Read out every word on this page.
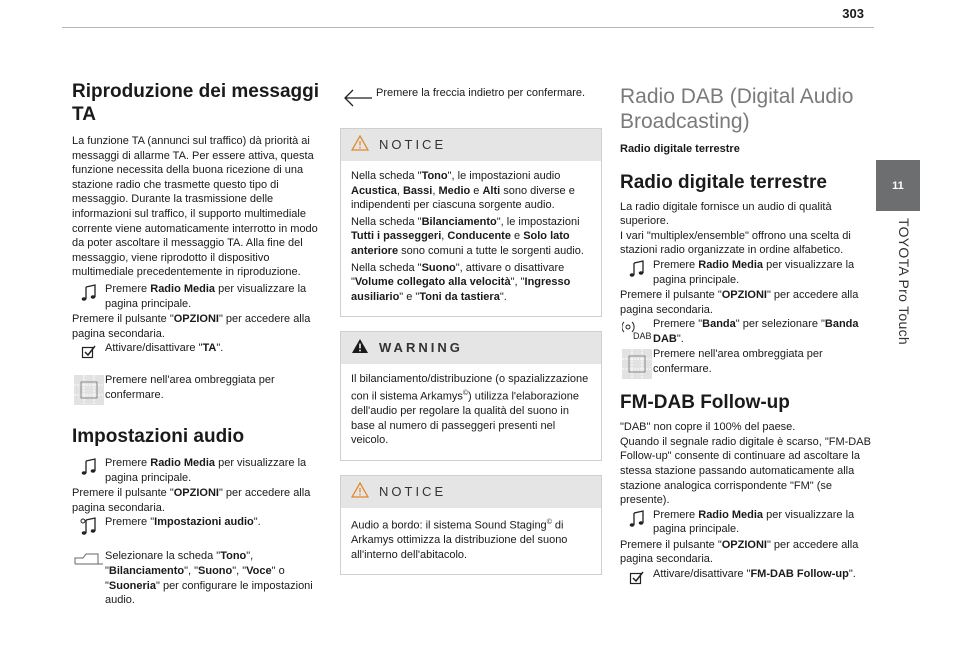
303
11
TOYOTA Pro Touch
Riproduzione dei messaggi TA

La funzione TA (annunci sul traffico) dà priorità ai messaggi di allarme TA. Per essere attiva, questa funzione necessita della buona ricezione di una stazione radio che trasmette questo tipo di messaggio. Durante la trasmissione delle informazioni sul traffico, il supporto multimediale corrente viene automaticamente interrotto in modo da poter ascoltare il messaggio TA. Alla fine del messaggio, viene riprodotto il dispositivo multimediale precedentemente in riproduzione.

Premere Radio Media per visualizzare la pagina principale.

Premere il pulsante "OPZIONI" per accedere alla pagina secondaria.

Attivare/disattivare "TA".
Premere nell'area ombreggiata per confermare.
Impostazioni audio
Premere Radio Media per visualizzare la pagina principale.

Premere il pulsante "OPZIONI" per accedere alla pagina secondaria.

Premere "Impostazioni audio".
Selezionare la scheda "Tono", "Bilanciamento", "Suono", "Voce" o "Suoneria" per configurare le impostazioni audio.
Premere la freccia indietro per confermare.
NOTICE

Nella scheda "Tono", le impostazioni audio Acustica, Bassi, Medio e Alti sono diverse e indipendenti per ciascuna sorgente audio.

Nella scheda "Bilanciamento", le impostazioni Tutti i passeggeri, Conducente e Solo lato anteriore sono comuni a tutte le sorgenti audio.

Nella scheda "Suono", attivare o disattivare "Volume collegato alla velocità", "Ingresso ausiliario" e "Toni da tastiera".

WARNING

Il bilanciamento/distribuzione (o spazializzazione con il sistema Arkamys©) utilizza l'elaborazione dell'audio per regolare la qualità del suono in base al numero di passeggeri presenti nel veicolo.

NOTICE

Audio a bordo: il sistema Sound Staging© di Arkamys ottimizza la distribuzione del suono all'interno dell'abitacolo.

Radio DAB (Digital Audio Broadcasting)

Radio digitale terrestre

Radio digitale terrestre

La radio digitale fornisce un audio di qualità superiore.

I vari "multiplex/ensemble" offrono una scelta di stazioni radio organizzate in ordine alfabetico.

Premere Radio Media per visualizzare la pagina principale.

Premere il pulsante "OPZIONI" per accedere alla pagina secondaria.

DAB
Premere "Banda" per selezionare "Banda DAB".
Premere nell'area ombreggiata per confermare.
FM-DAB Follow-up

"DAB" non copre il 100% del paese.

Quando il segnale radio digitale è scarso, "FM-DAB Follow-up" consente di continuare ad ascoltare la stessa stazione passando automaticamente alla stazione analogica corrispondente "FM" (se presente).

Premere Radio Media per visualizzare la pagina principale.

Premere il pulsante "OPZIONI" per accedere alla pagina secondaria.

Attivare/disattivare "FM-DAB Follow-up".
